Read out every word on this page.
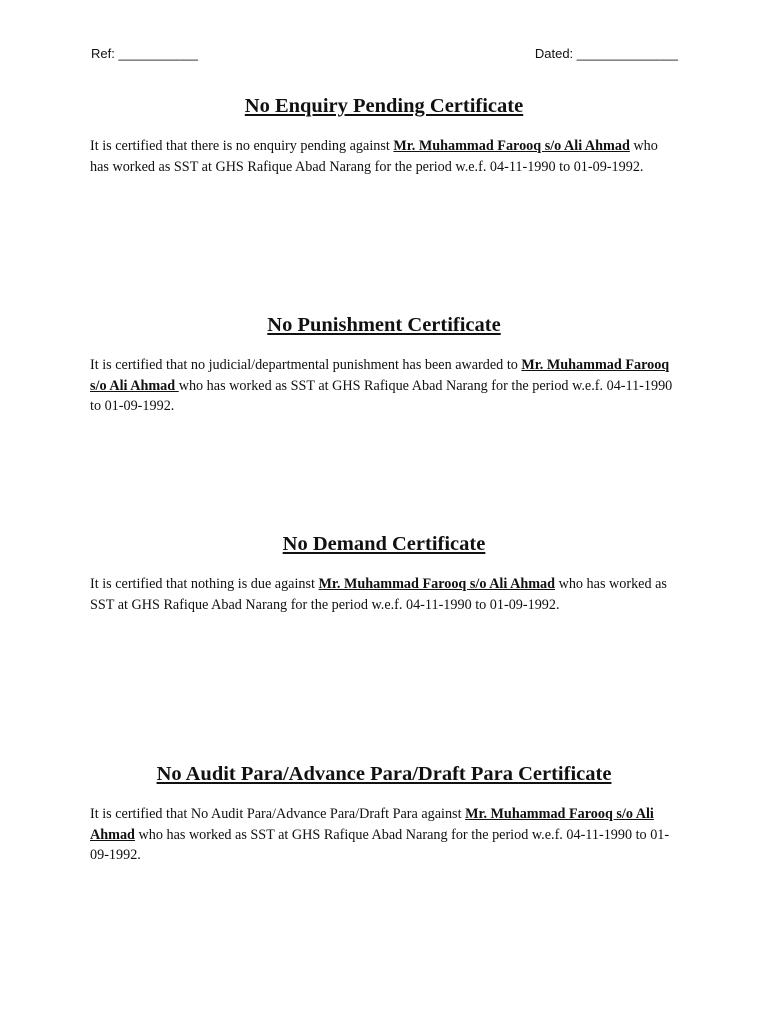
Ref: ___________	Dated: ______________
No Enquiry Pending Certificate

It is certified that there is no enquiry pending against Mr. Muhammad Farooq s/o Ali Ahmad who has worked as SST at GHS Rafique Abad Narang for the period w.e.f. 04-11-1990 to 01-09-1992.

No Punishment Certificate

It is certified that no judicial/departmental punishment has been awarded to Mr. Muhammad Farooq s/o Ali Ahmad who has worked as SST at GHS Rafique Abad Narang for the period w.e.f. 04-11-1990 to 01-09-1992.

No Demand Certificate

It is certified that nothing is due against Mr. Muhammad Farooq s/o Ali Ahmad who has worked as SST at GHS Rafique Abad Narang for the period w.e.f. 04-11-1990 to 01-09-1992.

No Audit Para/Advance Para/Draft Para Certificate

It is certified that No Audit Para/Advance Para/Draft Para against Mr. Muhammad Farooq s/o Ali Ahmad who has worked as SST at GHS Rafique Abad Narang for the period w.e.f. 04-11-1990 to 01-09-1992.
